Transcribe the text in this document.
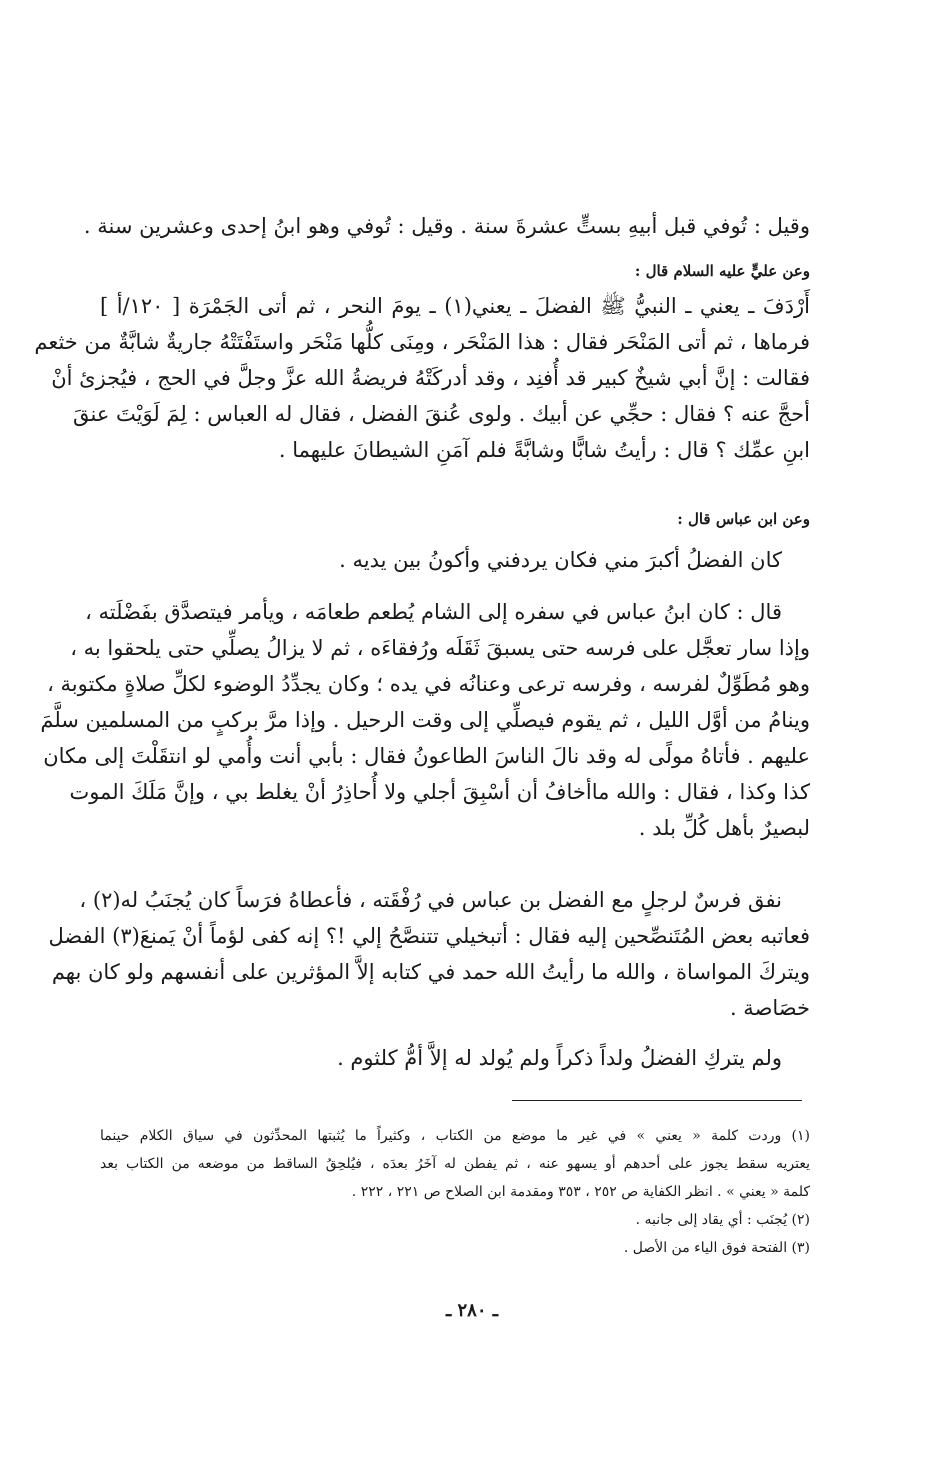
وقيل : تُوفي قبل أبيهِ بستٍّ عشرةَ سنة . وقيل : تُوفي وهو ابنُ إحدى وعشرين سنة .
وعن عليٍّ عليه السلام قال :
أَرْدَفَ ـ يعني ـ النبيُّ ﷺ الفضلَ ـ يعني(١) ـ يومَ النحر ، ثم أتى الجَمْرَة [ ١٢٠/أ ]
فرماها ، ثم أتى المَنْحَر فقال : هذا المَنْحَر ، ومِنَى كلُّها مَنْحَر واستَفْتَتْهُ جاريةٌ شابَّةٌ من خثعم
فقالت : إنَّ أبي شيخٌ كبير قد أُفنِد ، وقد أدركَتْهُ فريضةُ الله عزَّ وجلَّ في الحج ، فيُجزئ أنْ
أحجَّ عنه ؟ فقال : حجِّي عن أبيك . ولوى عُنقَ الفضل ، فقال له العباس : لِمَ لَوَيْتَ عنقَ
ابنِ عمِّك ؟ قال : رأيتُ شابًّا وشابَّةً فلم آمَنِ الشيطانَ عليهما .
وعن ابن عباس قال :
كان الفضلُ أكبرَ مني فكان يردفني وأكونُ بين يديه .
قال : كان ابنُ عباس في سفره إلى الشام يُطعم طعامَه ، ويأمر فيتصدَّق بفَضْلَته ،
وإذا سار تعجَّل على فرسه حتى يسبقَ ثَقَلَه ورُفقاءَه ، ثم لا يزالُ يصلِّي حتى يلحقوا به ،
وهو مُطَوِّلٌ لفرسه ، وفرسه ترعى وعنانُه في يده ؛ وكان يجدِّدُ الوضوء لكلِّ صلاةٍ مكتوبة ،
وينامُ من أوَّل الليل ، ثم يقوم فيصلِّي إلى وقت الرحيل . وإذا مرَّ بركبٍ من المسلمين سلَّمَ
عليهم . فأتاهُ مولًى له وقد نالَ الناسَ الطاعونُ فقال : بأبي أنت وأُمي لو انتقَلْتَ إلى مكان
كذا وكذا ، فقال : والله ماأخافُ أن أسْبِقَ أجلي ولا أُحاذِرُ أنْ يغلط بي ، وإنَّ مَلَكَ الموت
لبصيرٌ بأهل كُلِّ بلد .
نفق فرسٌ لرجلٍ مع الفضل بن عباس في رُفْقَته ، فأعطاهُ فرَساً كان يُجنَبُ له(٢) ،
فعاتبه بعض المُتَنصِّحين إليه فقال : أتبخيلي تتنصَّحُ إلي !؟ إنه كفى لؤماً أنْ يَمنعَ(٣) الفضل
ويتركَ المواساة ، والله ما رأيتُ الله حمد في كتابه إلاَّ المؤثرين على أنفسهم ولو كان بهم
خصَاصة .
ولم يتركِ الفضلُ ولداً ذكراً ولم يُولد له إلاَّ أمُّ كلثوم .
(١) وردت كلمة « يعني » في غير ما موضع من الكتاب ، وكثيراً ما يُثبتها المحدِّثون في سياق الكلام حينما
يعتريه سقط يجوز على أحدهم أو يسهو عنه ، ثم يفطن له آخَرُ بعدَه ، فيُلحِقُ الساقط من موضعه من الكتاب بعد
كلمة « يعني » . انظر الكفاية ص ٢٥٢ ، ٣٥٣ ومقدمة ابن الصلاح ص ٢٢١ ، ٢٢٢ .
(٢) يُجنَب : أي يقاد إلى جانبه .
(٣) الفتحة فوق الياء من الأصل .
ـ ٢٨٠ ـ
